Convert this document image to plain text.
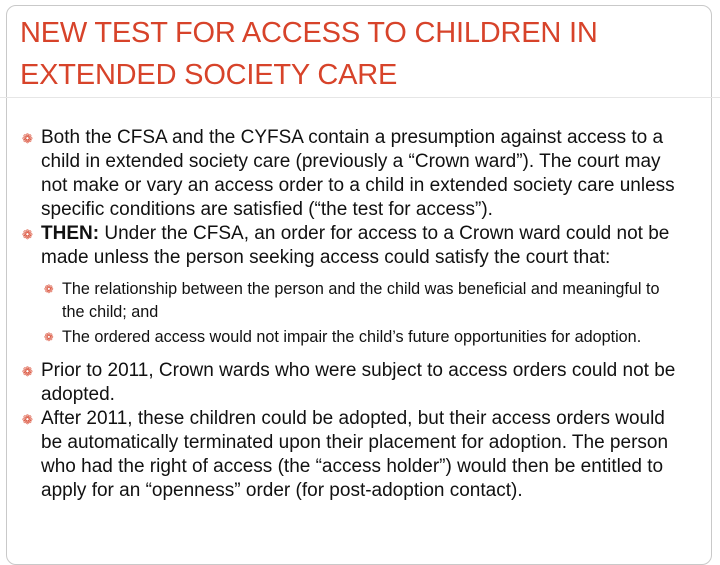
NEW TEST FOR ACCESS TO CHILDREN IN
EXTENDED SOCIETY CARE
❁ Both the CFSA and the CYFSA contain a presumption against access to a child in extended society care (previously a “Crown ward”). The court may not make or vary an access order to a child in extended society care unless specific conditions are satisfied (“the test for access”).
❁ THEN: Under the CFSA, an order for access to a Crown ward could not be made unless the person seeking access could satisfy the court that:
❁ The relationship between the person and the child was beneficial and meaningful to the child; and
❁ The ordered access would not impair the child’s future opportunities for adoption.
❁ Prior to 2011, Crown wards who were subject to access orders could not be adopted.
❁ After 2011, these children could be adopted, but their access orders would be automatically terminated upon their placement for adoption. The person who had the right of access (the “access holder”) would then be entitled to apply for an “openness” order (for post-adoption contact).
